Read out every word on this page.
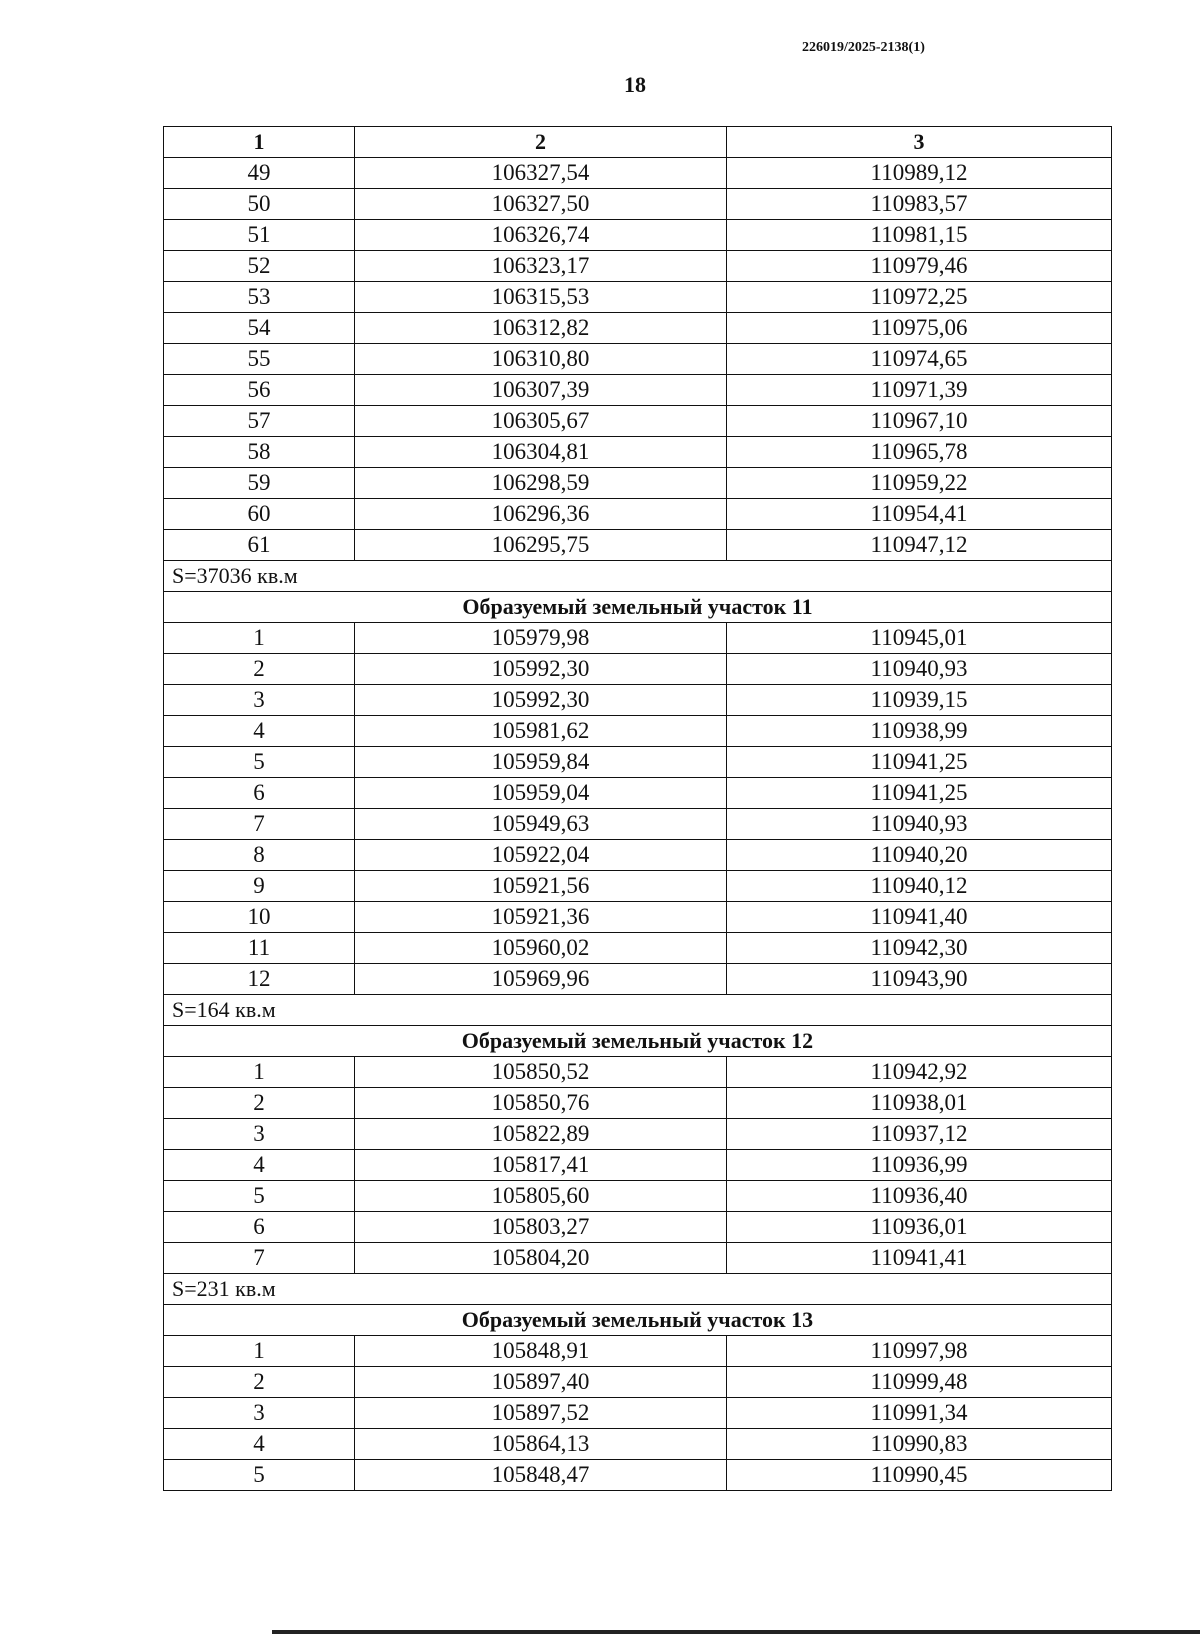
226019/2025-2138(1)
18
1	2	3
49	106327,54	110989,12
50	106327,50	110983,57
51	106326,74	110981,15
52	106323,17	110979,46
53	106315,53	110972,25
54	106312,82	110975,06
55	106310,80	110974,65
56	106307,39	110971,39
57	106305,67	110967,10
58	106304,81	110965,78
59	106298,59	110959,22
60	106296,36	110954,41
61	106295,75	110947,12
S=37036 кв.м		
Образуемый земельный участок 11		
1	105979,98	110945,01
2	105992,30	110940,93
3	105992,30	110939,15
4	105981,62	110938,99
5	105959,84	110941,25
6	105959,04	110941,25
7	105949,63	110940,93
8	105922,04	110940,20
9	105921,56	110940,12
10	105921,36	110941,40
11	105960,02	110942,30
12	105969,96	110943,90
S=164 кв.м		
Образуемый земельный участок 12		
1	105850,52	110942,92
2	105850,76	110938,01
3	105822,89	110937,12
4	105817,41	110936,99
5	105805,60	110936,40
6	105803,27	110936,01
7	105804,20	110941,41
S=231 кв.м		
Образуемый земельный участок 13		
1	105848,91	110997,98
2	105897,40	110999,48
3	105897,52	110991,34
4	105864,13	110990,83
5	105848,47	110990,45
